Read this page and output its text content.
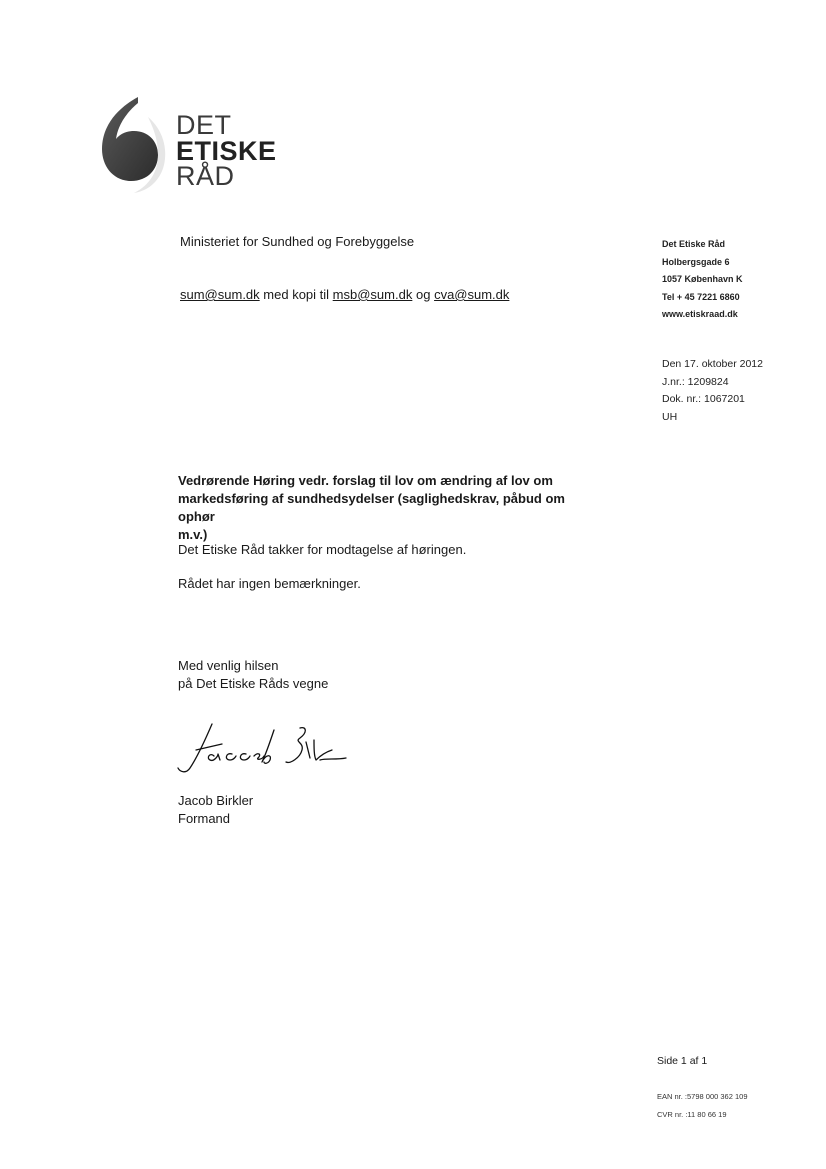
DET
ETISKE
RÅD
Ministeriet for Sundhed og Forebyggelse
sum@sum.dk med kopi til msb@sum.dk og cva@sum.dk
Det Etiske Råd
Holbergsgade 6
1057 København K
Tel + 45 7221 6860
www.etiskraad.dk
Den 17. oktober 2012
J.nr.: 1209824
Dok. nr.: 1067201
UH
Vedrørende Høring vedr. forslag til lov om ændring af lov om
markedsføring af sundhedsydelser (saglighedskrav, påbud om ophør
m.v.)
Det Etiske Råd takker for modtagelse af høringen.
Rådet har ingen bemærkninger.
Med venlig hilsen
på Det Etiske Råds vegne
Jacob Birkler
Formand
Side 1 af 1
EAN nr. :5798 000 362 109
CVR nr. :11 80 66 19
